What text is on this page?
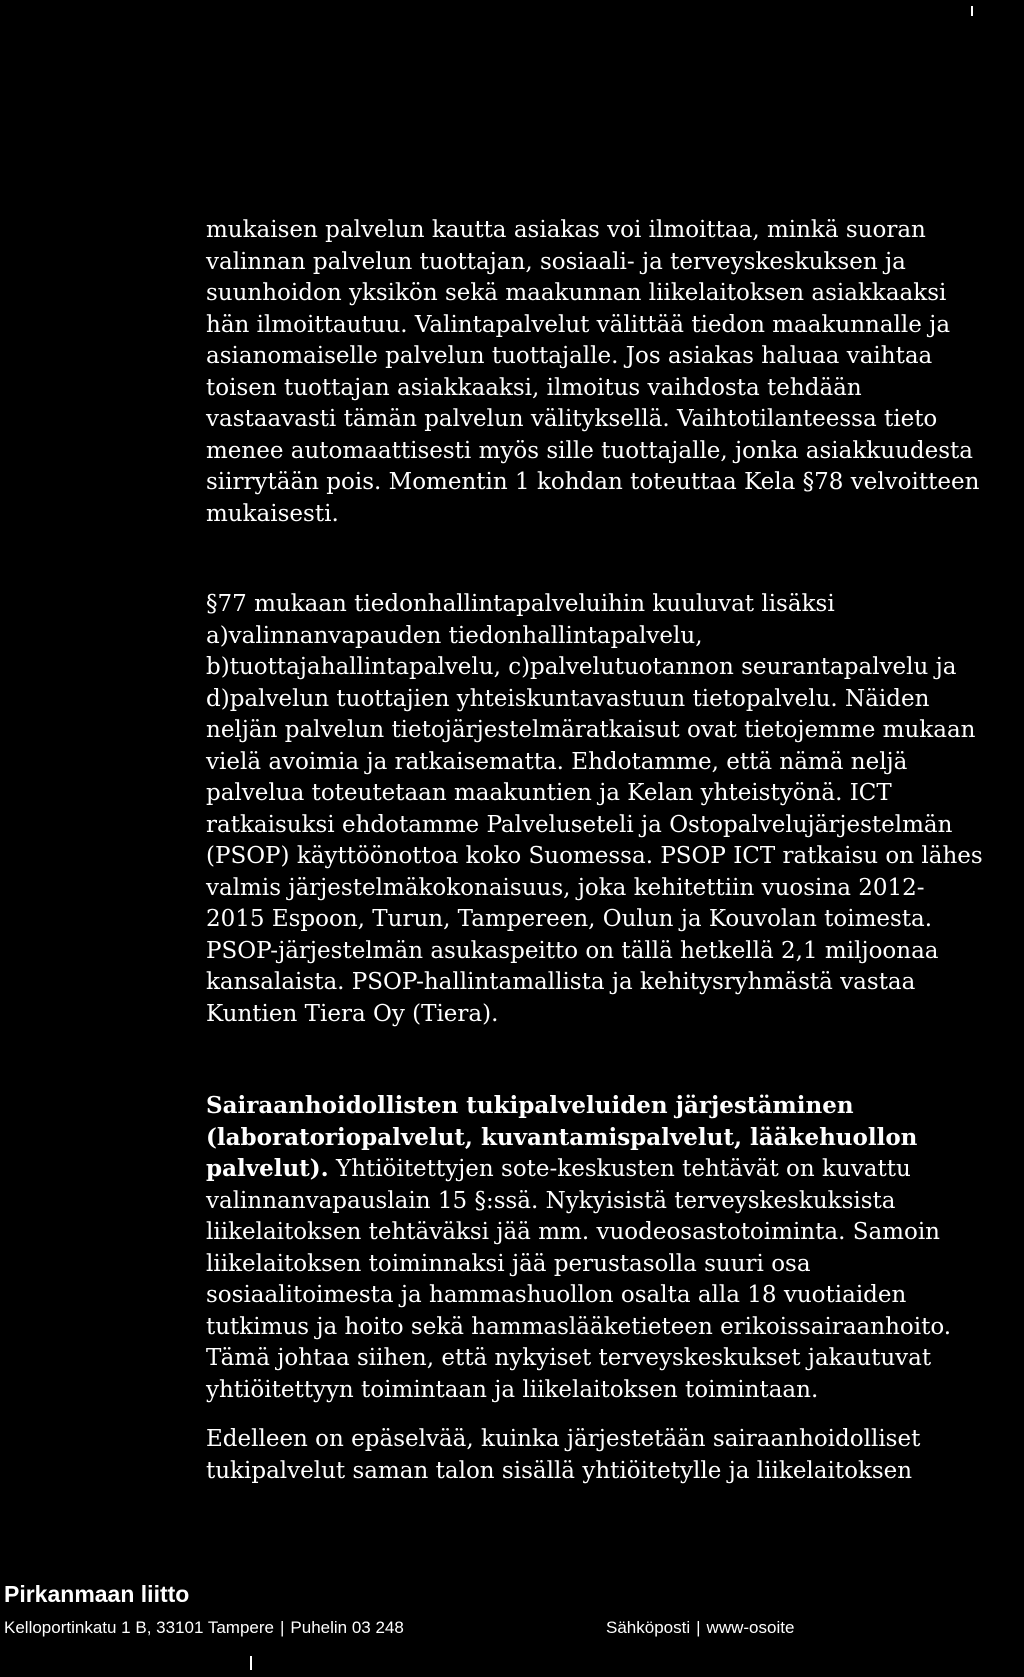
mukaisen palvelun kautta asiakas voi ilmoittaa, minkä suoran
valinnan palvelun tuottajan, sosiaali- ja terveyskeskuksen ja
suunhoidon yksikön sekä maakunnan liikelaitoksen asiakkaaksi
hän ilmoittautuu. Valintapalvelut välittää tiedon maakunnalle ja
asianomaiselle palvelun tuottajalle. Jos asiakas haluaa vaihtaa
toisen tuottajan asiakkaaksi, ilmoitus vaihdosta tehdään
vastaavasti tämän palvelun välityksellä. Vaihtotilanteessa tieto
menee automaattisesti myös sille tuottajalle, jonka asiakkuudesta
siirrytään pois. Momentin 1 kohdan toteuttaa Kela §78 velvoitteen
mukaisesti.

§77 mukaan tiedonhallintapalveluihin kuuluvat lisäksi
a)valinnanvapauden tiedonhallintapalvelu,
b)tuottajahallintapalvelu, c)palvelutuotannon seurantapalvelu ja
d)palvelun tuottajien yhteiskuntavastuun tietopalvelu. Näiden
neljän palvelun tietojärjestelmäratkaisut ovat tietojemme mukaan
vielä avoimia ja ratkaisematta. Ehdotamme, että nämä neljä
palvelua toteutetaan maakuntien ja Kelan yhteistyönä. ICT
ratkaisuksi ehdotamme Palveluseteli ja Ostopalvelujärjestelmän
(PSOP) käyttöönottoa koko Suomessa. PSOP ICT ratkaisu on lähes
valmis järjestelmäkokonaisuus, joka kehitettiin vuosina 2012-
2015 Espoon, Turun, Tampereen, Oulun ja Kouvolan toimesta.
PSOP-järjestelmän asukaspeitto on tällä hetkellä 2,1 miljoonaa
kansalaista. PSOP-hallintamallista ja kehitysryhmästä vastaa
Kuntien Tiera Oy (Tiera).

Sairaanhoidollisten tukipalveluiden järjestäminen
(laboratoriopalvelut, kuvantamispalvelut, lääkehuollon
palvelut). Yhtiöitettyjen sote-keskusten tehtävät on kuvattu
valinnanvapauslain 15 §:ssä. Nykyisistä terveyskeskuksista
liikelaitoksen tehtäväksi jää mm. vuodeosastotoiminta. Samoin
liikelaitoksen toiminnaksi jää perustasolla suuri osa
sosiaalitoimesta ja hammashuollon osalta alla 18 vuotiaiden
tutkimus ja hoito sekä hammaslääketieteen erikoissairaanhoito.
Tämä johtaa siihen, että nykyiset terveyskeskukset jakautuvat
yhtiöitettyyn toimintaan ja liikelaitoksen toimintaan.

Edelleen on epäselvää, kuinka järjestetään sairaanhoidolliset
tukipalvelut saman talon sisällä yhtiöitetylle ja liikelaitoksen

Pirkanmaan liitto
Kelloportinkatu 1 B, 33101 Tampere | Puhelin 03 248	Sähköposti | www-osoite
